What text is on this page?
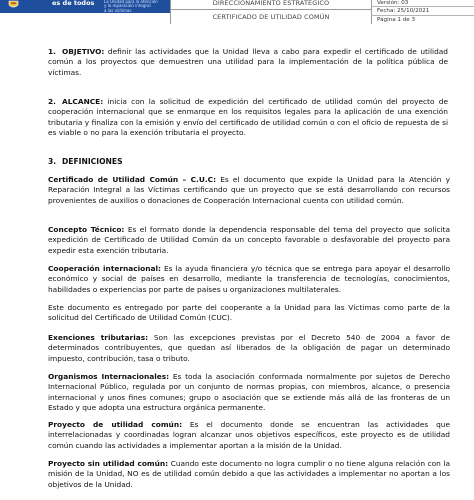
es de todos La Unidad para la atención
y la reparación integral
a las víctimas
DIRECCIONAMIENTO ESTRATÉGICO
CERTIFICADO DE UTILIDAD COMÚN
Versión: 03
Fecha: 25/10/2021
Página 1 de 3

1. OBJETIVO: definir las actividades que la Unidad lleva a cabo para expedir el certificado de utilidad común a los proyectos que demuestren una utilidad para la implementación de la política pública de víctimas.

2. ALCANCE: inicia con la solicitud de expedición del certificado de utilidad común del proyecto de cooperación internacional que se enmarque en los requisitos legales para la aplicación de una exención tributaria y finaliza con la emisión y envío del certificado de utilidad común o con el oficio de repuesta de si es viable o no para la exención tributaria el proyecto.

3. DEFINICIONES

Certificado de Utilidad Común – C.U.C: Es el documento que expide la Unidad para la Atención y Reparación Integral a las Víctimas certificando que un proyecto que se está desarrollando con recursos provenientes de auxilios o donaciones de Cooperación Internacional cuenta con utilidad común.

Concepto Técnico: Es el formato donde la dependencia responsable del tema del proyecto que solicita expedición de Certificado de Utilidad Común da un concepto favorable o desfavorable del proyecto para expedir esta exención tributaria.

Cooperación internacional: Es la ayuda financiera y/o técnica que se entrega para apoyar el desarrollo económico y social de países en desarrollo, mediante la transferencia de tecnologías, conocimientos, habilidades o experiencias por parte de países u organizaciones multilaterales.

Este documento es entregado por parte del cooperante a la Unidad para las Víctimas como parte de la solicitud del Certificado de Utilidad Común (CUC).

Exenciones tributarias: Son las excepciones previstas por el Decreto 540 de 2004 a favor de determinados contribuyentes, que quedan así liberados de la obligación de pagar un determinado impuesto, contribución, tasa o tributo.

Organismos Internacionales: Es toda la asociación conformada normalmente por sujetos de Derecho Internacional Público, regulada por un conjunto de normas propias, con miembros, alcance, o presencia internacional y unos fines comunes; grupo o asociación que se extiende más allá de las fronteras de un Estado y que adopta una estructura orgánica permanente.

Proyecto de utilidad común: Es el documento donde se encuentran las actividades que interrelacionadas y coordinadas logran alcanzar unos objetivos específicos, este proyecto es de utilidad común cuando las actividades a implementar aportan a la misión de la Unidad.

Proyecto sin utilidad común: Cuando este documento no logra cumplir o no tiene alguna relación con la misión de la Unidad, NO es de utilidad común debido a que las actividades a implementar no aportan a los objetivos de la Unidad.
